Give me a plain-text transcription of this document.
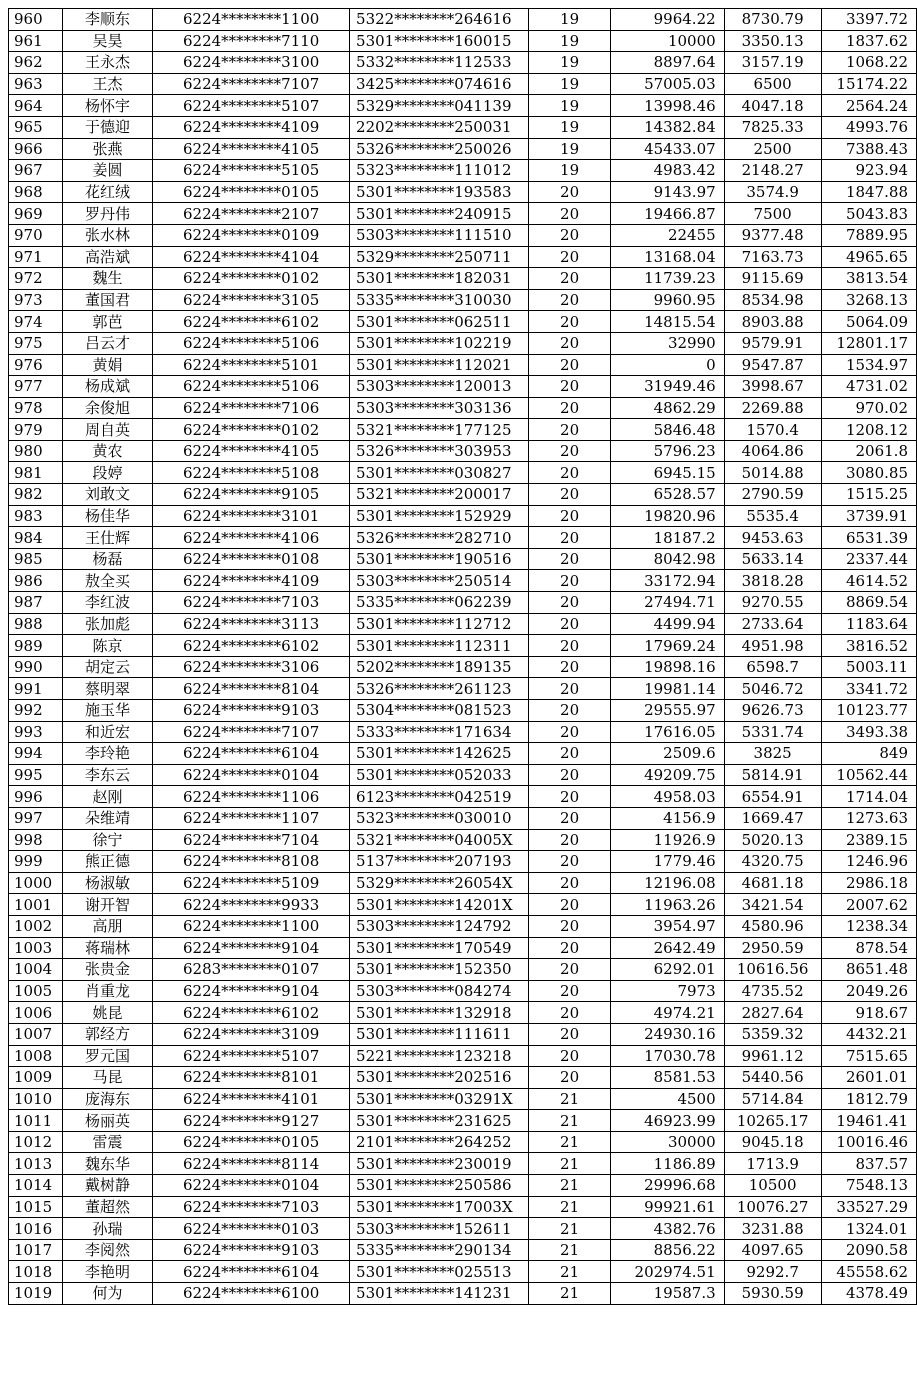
960	李顺东	6224********1100	5322********264616	19	9964.22	8730.79	3397.72
961	吴昊	6224********7110	5301********160015	19	10000	3350.13	1837.62
962	王永杰	6224********3100	5332********112533	19	8897.64	3157.19	1068.22
963	王杰	6224********7107	3425********074616	19	57005.03	6500	15174.22
964	杨怀宇	6224********5107	5329********041139	19	13998.46	4047.18	2564.24
965	于德迎	6224********4109	2202********250031	19	14382.84	7825.33	4993.76
966	张燕	6224********4105	5326********250026	19	45433.07	2500	7388.43
967	姜圆	6224********5105	5323********111012	19	4983.42	2148.27	923.94
968	花红绒	6224********0105	5301********193583	20	9143.97	3574.9	1847.88
969	罗丹伟	6224********2107	5301********240915	20	19466.87	7500	5043.83
970	张水林	6224********0109	5303********111510	20	22455	9377.48	7889.95
971	高浩斌	6224********4104	5329********250711	20	13168.04	7163.73	4965.65
972	魏生	6224********0102	5301********182031	20	11739.23	9115.69	3813.54
973	董国君	6224********3105	5335********310030	20	9960.95	8534.98	3268.13
974	郭芭	6224********6102	5301********062511	20	14815.54	8903.88	5064.09
975	吕云才	6224********5106	5301********102219	20	32990	9579.91	12801.17
976	黄娟	6224********5101	5301********112021	20	0	9547.87	1534.97
977	杨成斌	6224********5106	5303********120013	20	31949.46	3998.67	4731.02
978	余俊旭	6224********7106	5303********303136	20	4862.29	2269.88	970.02
979	周自英	6224********0102	5321********177125	20	5846.48	1570.4	1208.12
980	黄农	6224********4105	5326********303953	20	5796.23	4064.86	2061.8
981	段婷	6224********5108	5301********030827	20	6945.15	5014.88	3080.85
982	刘敢文	6224********9105	5321********200017	20	6528.57	2790.59	1515.25
983	杨佳华	6224********3101	5301********152929	20	19820.96	5535.4	3739.91
984	王仕辉	6224********4106	5326********282710	20	18187.2	9453.63	6531.39
985	杨磊	6224********0108	5301********190516	20	8042.98	5633.14	2337.44
986	敖全买	6224********4109	5303********250514	20	33172.94	3818.28	4614.52
987	李红波	6224********7103	5335********062239	20	27494.71	9270.55	8869.54
988	张加彪	6224********3113	5301********112712	20	4499.94	2733.64	1183.64
989	陈京	6224********6102	5301********112311	20	17969.24	4951.98	3816.52
990	胡定云	6224********3106	5202********189135	20	19898.16	6598.7	5003.11
991	蔡明翠	6224********8104	5326********261123	20	19981.14	5046.72	3341.72
992	施玉华	6224********9103	5304********081523	20	29555.97	9626.73	10123.77
993	和近宏	6224********7107	5333********171634	20	17616.05	5331.74	3493.38
994	李玲艳	6224********6104	5301********142625	20	2509.6	3825	849
995	李东云	6224********0104	5301********052033	20	49209.75	5814.91	10562.44
996	赵刚	6224********1106	6123********042519	20	4958.03	6554.91	1714.04
997	朵维靖	6224********1107	5323********030010	20	4156.9	1669.47	1273.63
998	徐宁	6224********7104	5321********04005X	20	11926.9	5020.13	2389.15
999	熊正德	6224********8108	5137********207193	20	1779.46	4320.75	1246.96
1000	杨淑敏	6224********5109	5329********26054X	20	12196.08	4681.18	2986.18
1001	谢开智	6224********9933	5301********14201X	20	11963.26	3421.54	2007.62
1002	高朋	6224********1100	5303********124792	20	3954.97	4580.96	1238.34
1003	蒋瑞林	6224********9104	5301********170549	20	2642.49	2950.59	878.54
1004	张贵金	6283********0107	5301********152350	20	6292.01	10616.56	8651.48
1005	肖重龙	6224********9104	5303********084274	20	7973	4735.52	2049.26
1006	姚昆	6224********6102	5301********132918	20	4974.21	2827.64	918.67
1007	郭经方	6224********3109	5301********111611	20	24930.16	5359.32	4432.21
1008	罗元国	6224********5107	5221********123218	20	17030.78	9961.12	7515.65
1009	马昆	6224********8101	5301********202516	20	8581.53	5440.56	2601.01
1010	庞海东	6224********4101	5301********03291X	21	4500	5714.84	1812.79
1011	杨丽英	6224********9127	5301********231625	21	46923.99	10265.17	19461.41
1012	雷震	6224********0105	2101********264252	21	30000	9045.18	10016.46
1013	魏东华	6224********8114	5301********230019	21	1186.89	1713.9	837.57
1014	戴树静	6224********0104	5301********250586	21	29996.68	10500	7548.13
1015	董超然	6224********7103	5301********17003X	21	99921.61	10076.27	33527.29
1016	孙瑞	6224********0103	5303********152611	21	4382.76	3231.88	1324.01
1017	李阅然	6224********9103	5335********290134	21	8856.22	4097.65	2090.58
1018	李艳明	6224********6104	5301********025513	21	202974.51	9292.7	45558.62
1019	何为	6224********6100	5301********141231	21	19587.3	5930.59	4378.49
